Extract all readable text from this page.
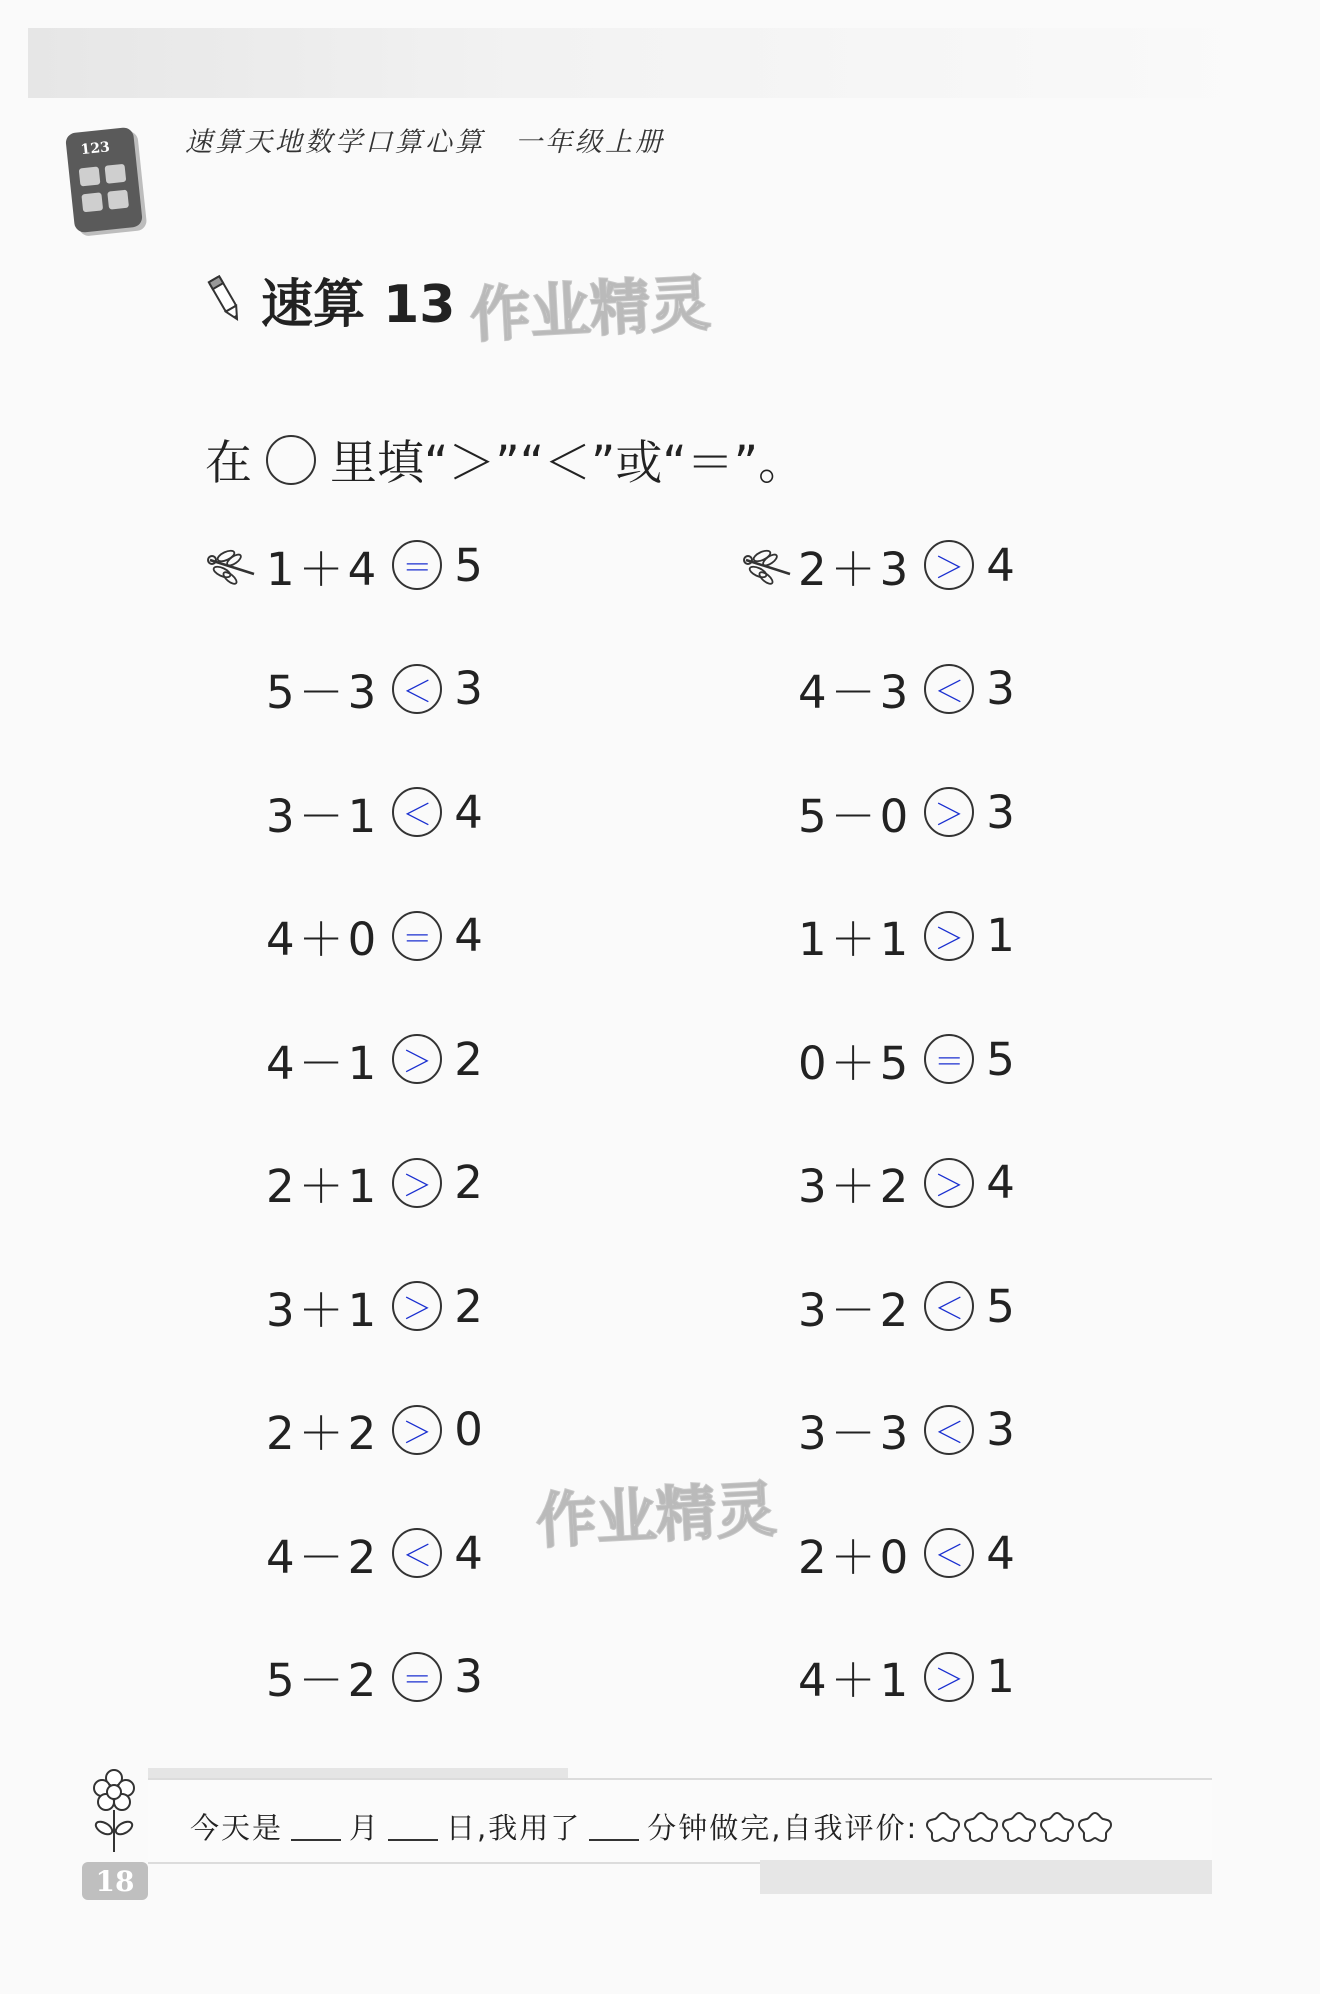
123	速算天地数学口算心算　一年级上册
速算 13 作业精灵
作业精灵
在 里填“＞”“＜”或“＝”。
1＋4 ＝ 5
5－3 ＜ 3
3－1 ＜ 4
4＋0 ＝ 4
4－1 ＞ 2
2＋1 ＞ 2
3＋1 ＞ 2
2＋2 ＞ 0
4－2 ＜ 4
5－2 ＝ 3
2＋3 ＞ 4
4－3 ＜ 3
5－0 ＞ 3
1＋1 ＞ 1
0＋5 ＝ 5
3＋2 ＞ 4
3－2 ＜ 5
3－3 ＜ 3
2＋0 ＜ 4
4＋1 ＞ 1
今天是 月 日,我用了 分钟做完,自我评价:
18
